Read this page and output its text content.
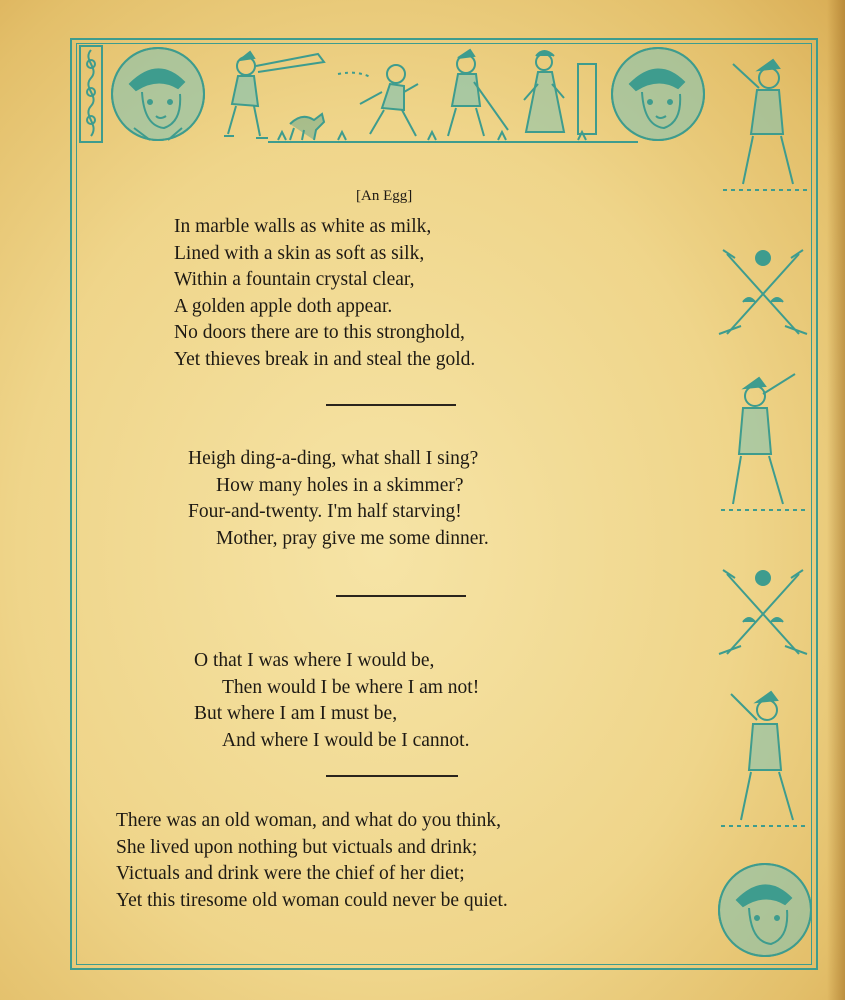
[An Egg]
In marble walls as white as milk,
Lined with a skin as soft as silk,
Within a fountain crystal clear,
A golden apple doth appear.
No doors there are to this stronghold,
Yet thieves break in and steal the gold.
Heigh ding-a-ding, what shall I sing?
How many holes in a skimmer?
Four-and-twenty. I'm half starving!
Mother, pray give me some dinner.
O that I was where I would be,
Then would I be where I am not!
But where I am I must be,
And where I would be I cannot.
There was an old woman, and what do you think,
She lived upon nothing but victuals and drink;
Victuals and drink were the chief of her diet;
Yet this tiresome old woman could never be quiet.
